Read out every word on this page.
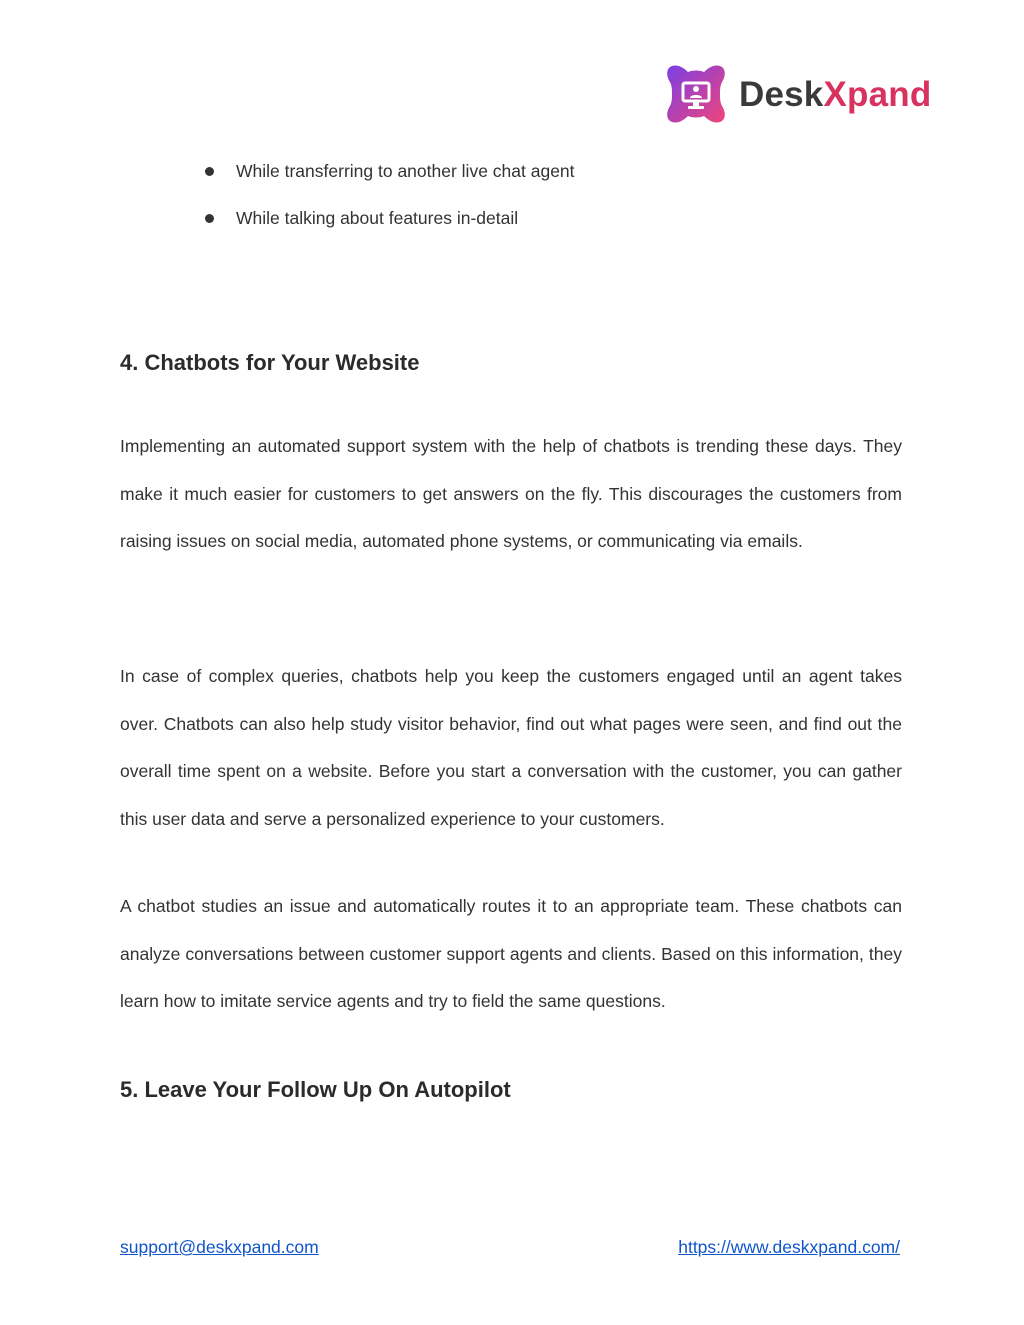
DeskXpand
While transferring to another live chat agent
While talking about features in-detail
4. Chatbots for Your Website

Implementing an automated support system with the help of chatbots is trending these days. They make it much easier for customers to get answers on the fly. This discourages the customers from raising issues on social media, automated phone systems, or communicating via emails.

In case of complex queries, chatbots help you keep the customers engaged until an agent takes over. Chatbots can also help study visitor behavior, find out what pages were seen, and find out the overall time spent on a website. Before you start a conversation with the customer, you can gather this user data and serve a personalized experience to your customers.

A chatbot studies an issue and automatically routes it to an appropriate team. These chatbots can analyze conversations between customer support agents and clients. Based on this information, they learn how to imitate service agents and try to field the same questions.

5. Leave Your Follow Up On Autopilot
support@deskxpand.com	https://www.deskxpand.com/
